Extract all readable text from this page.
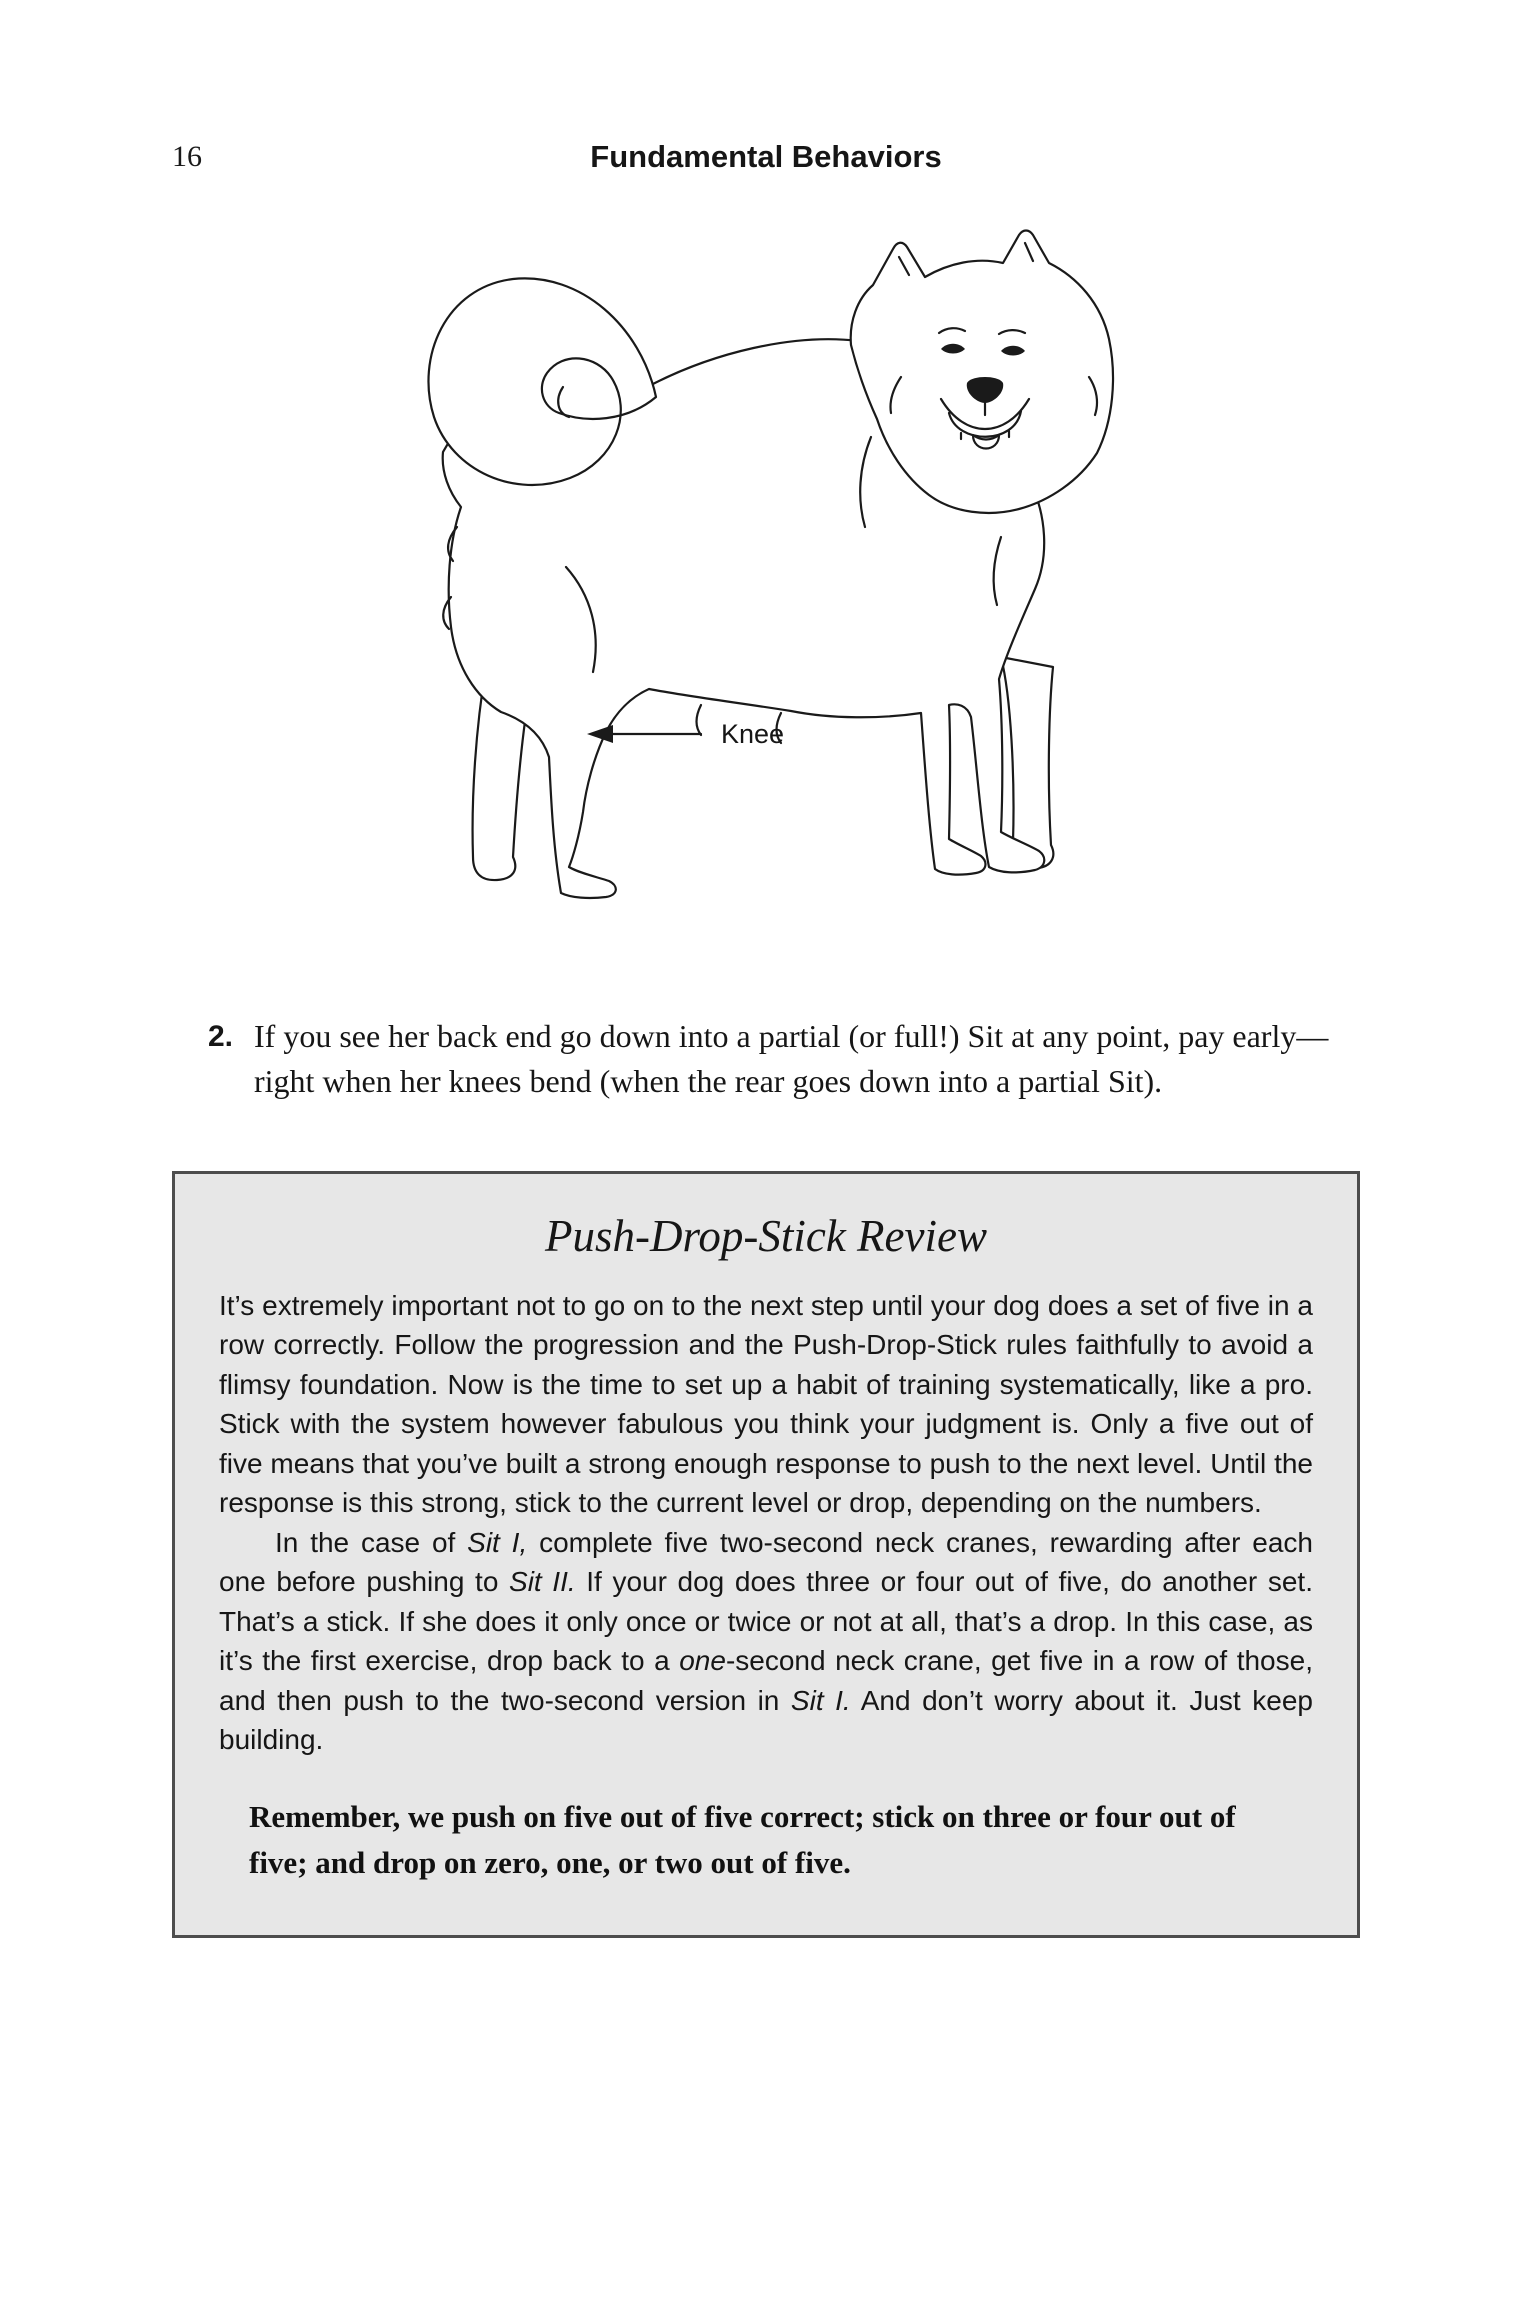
16	Fundamental Behaviors
Knee
2. If you see her back end go down into a partial (or full!) Sit at any point, pay early—right when her knees bend (when the rear goes down into a partial Sit).
Push-Drop-Stick Review

It’s extremely important not to go on to the next step until your dog does a set of five in a row correctly. Follow the progression and the Push-Drop-Stick rules faithfully to avoid a flimsy foundation. Now is the time to set up a habit of training systematically, like a pro. Stick with the system however fabulous you think your judgment is. Only a five out of five means that you’ve built a strong enough response to push to the next level. Until the response is this strong, stick to the current level or drop, depending on the numbers.

In the case of Sit I, complete five two-second neck cranes, rewarding after each one before pushing to Sit II. If your dog does three or four out of five, do another set. That’s a stick. If she does it only once or twice or not at all, that’s a drop. In this case, as it’s the first exercise, drop back to a one-second neck crane, get five in a row of those, and then push to the two-second version in Sit I. And don’t worry about it. Just keep building.

Remember, we push on five out of five correct; stick on three or four out of five; and drop on zero, one, or two out of five.
